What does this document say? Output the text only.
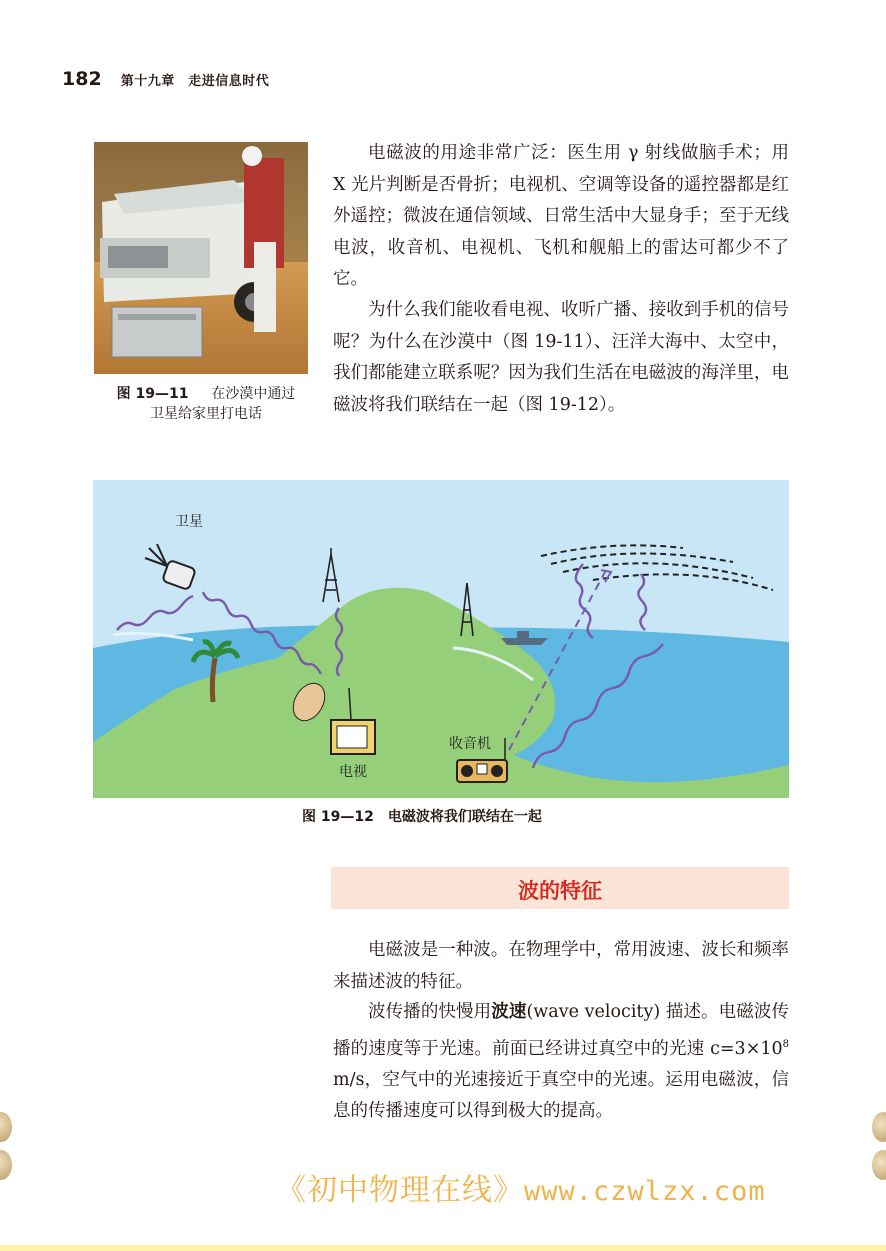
182 第十九章　走进信息时代
图 19—11 在沙漠中通过
卫星给家里打电话

电磁波的用途非常广泛：医生用 γ 射线做脑手术；用 X 光片判断是否骨折；电视机、空调等设备的遥控器都是红外遥控；微波在通信领域、日常生活中大显身手；至于无线电波，收音机、电视机、飞机和舰船上的雷达可都少不了它。

为什么我们能收看电视、收听广播、接收到手机的信号呢？为什么在沙漠中（图 19-11）、汪洋大海中、太空中，我们都能建立联系呢？因为我们生活在电磁波的海洋里，电磁波将我们联结在一起（图 19-12）。

卫星
电视
收音机
图 19—12 电磁波将我们联结在一起
波的特征

电磁波是一种波。在物理学中，常用波速、波长和频率来描述波的特征。

波传播的快慢用波速(wave velocity) 描述。电磁波传播的速度等于光速。前面已经讲过真空中的光速 $c=3\times 10^8$ m/s，空气中的光速接近于真空中的光速。运用电磁波，信息的传播速度可以得到极大的提高。

《初中物理在线》www.czwlzx.com
